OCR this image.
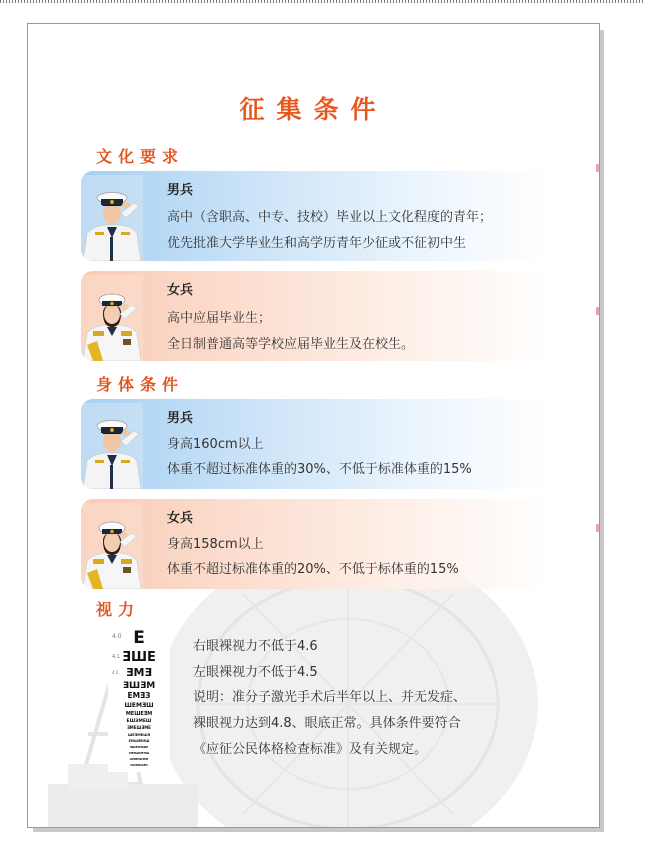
征集条件
文化要求
男兵
高中（含职高、中专、技校）毕业以上文化程度的青年；
优先批准大学毕业生和高学历青年少征或不征初中生
女兵
高中应届毕业生；
全日制普通高等学校应届毕业生及在校生。
身体条件
男兵
身高160cm以上
体重不超过标准体重的30%、不低于标准体重的15%
女兵
身高158cm以上
体重不超过标准体重的20%、不低于标体重的15%
视力
4.0
4.1
4.2
E
ƎШE
ƎMƎ
ƎШƎM
EMƎЗ
ШEMƎШ
MEШEƎM
EШЗMEШ
ƎMEШƎME
ШEƎMEШƎ
EMШƎEMШ
ƎШEMƎШE
MEƎШMEƎШ
ШƎMEШƎME
EШƎMEШƎM
右眼裸视力不低于4.6
左眼裸视力不低于4.5
说明：准分子激光手术后半年以上、并无发症、
裸眼视力达到4.8、眼底正常。具体条件要符合
《应征公民体格检查标准》及有关规定。
